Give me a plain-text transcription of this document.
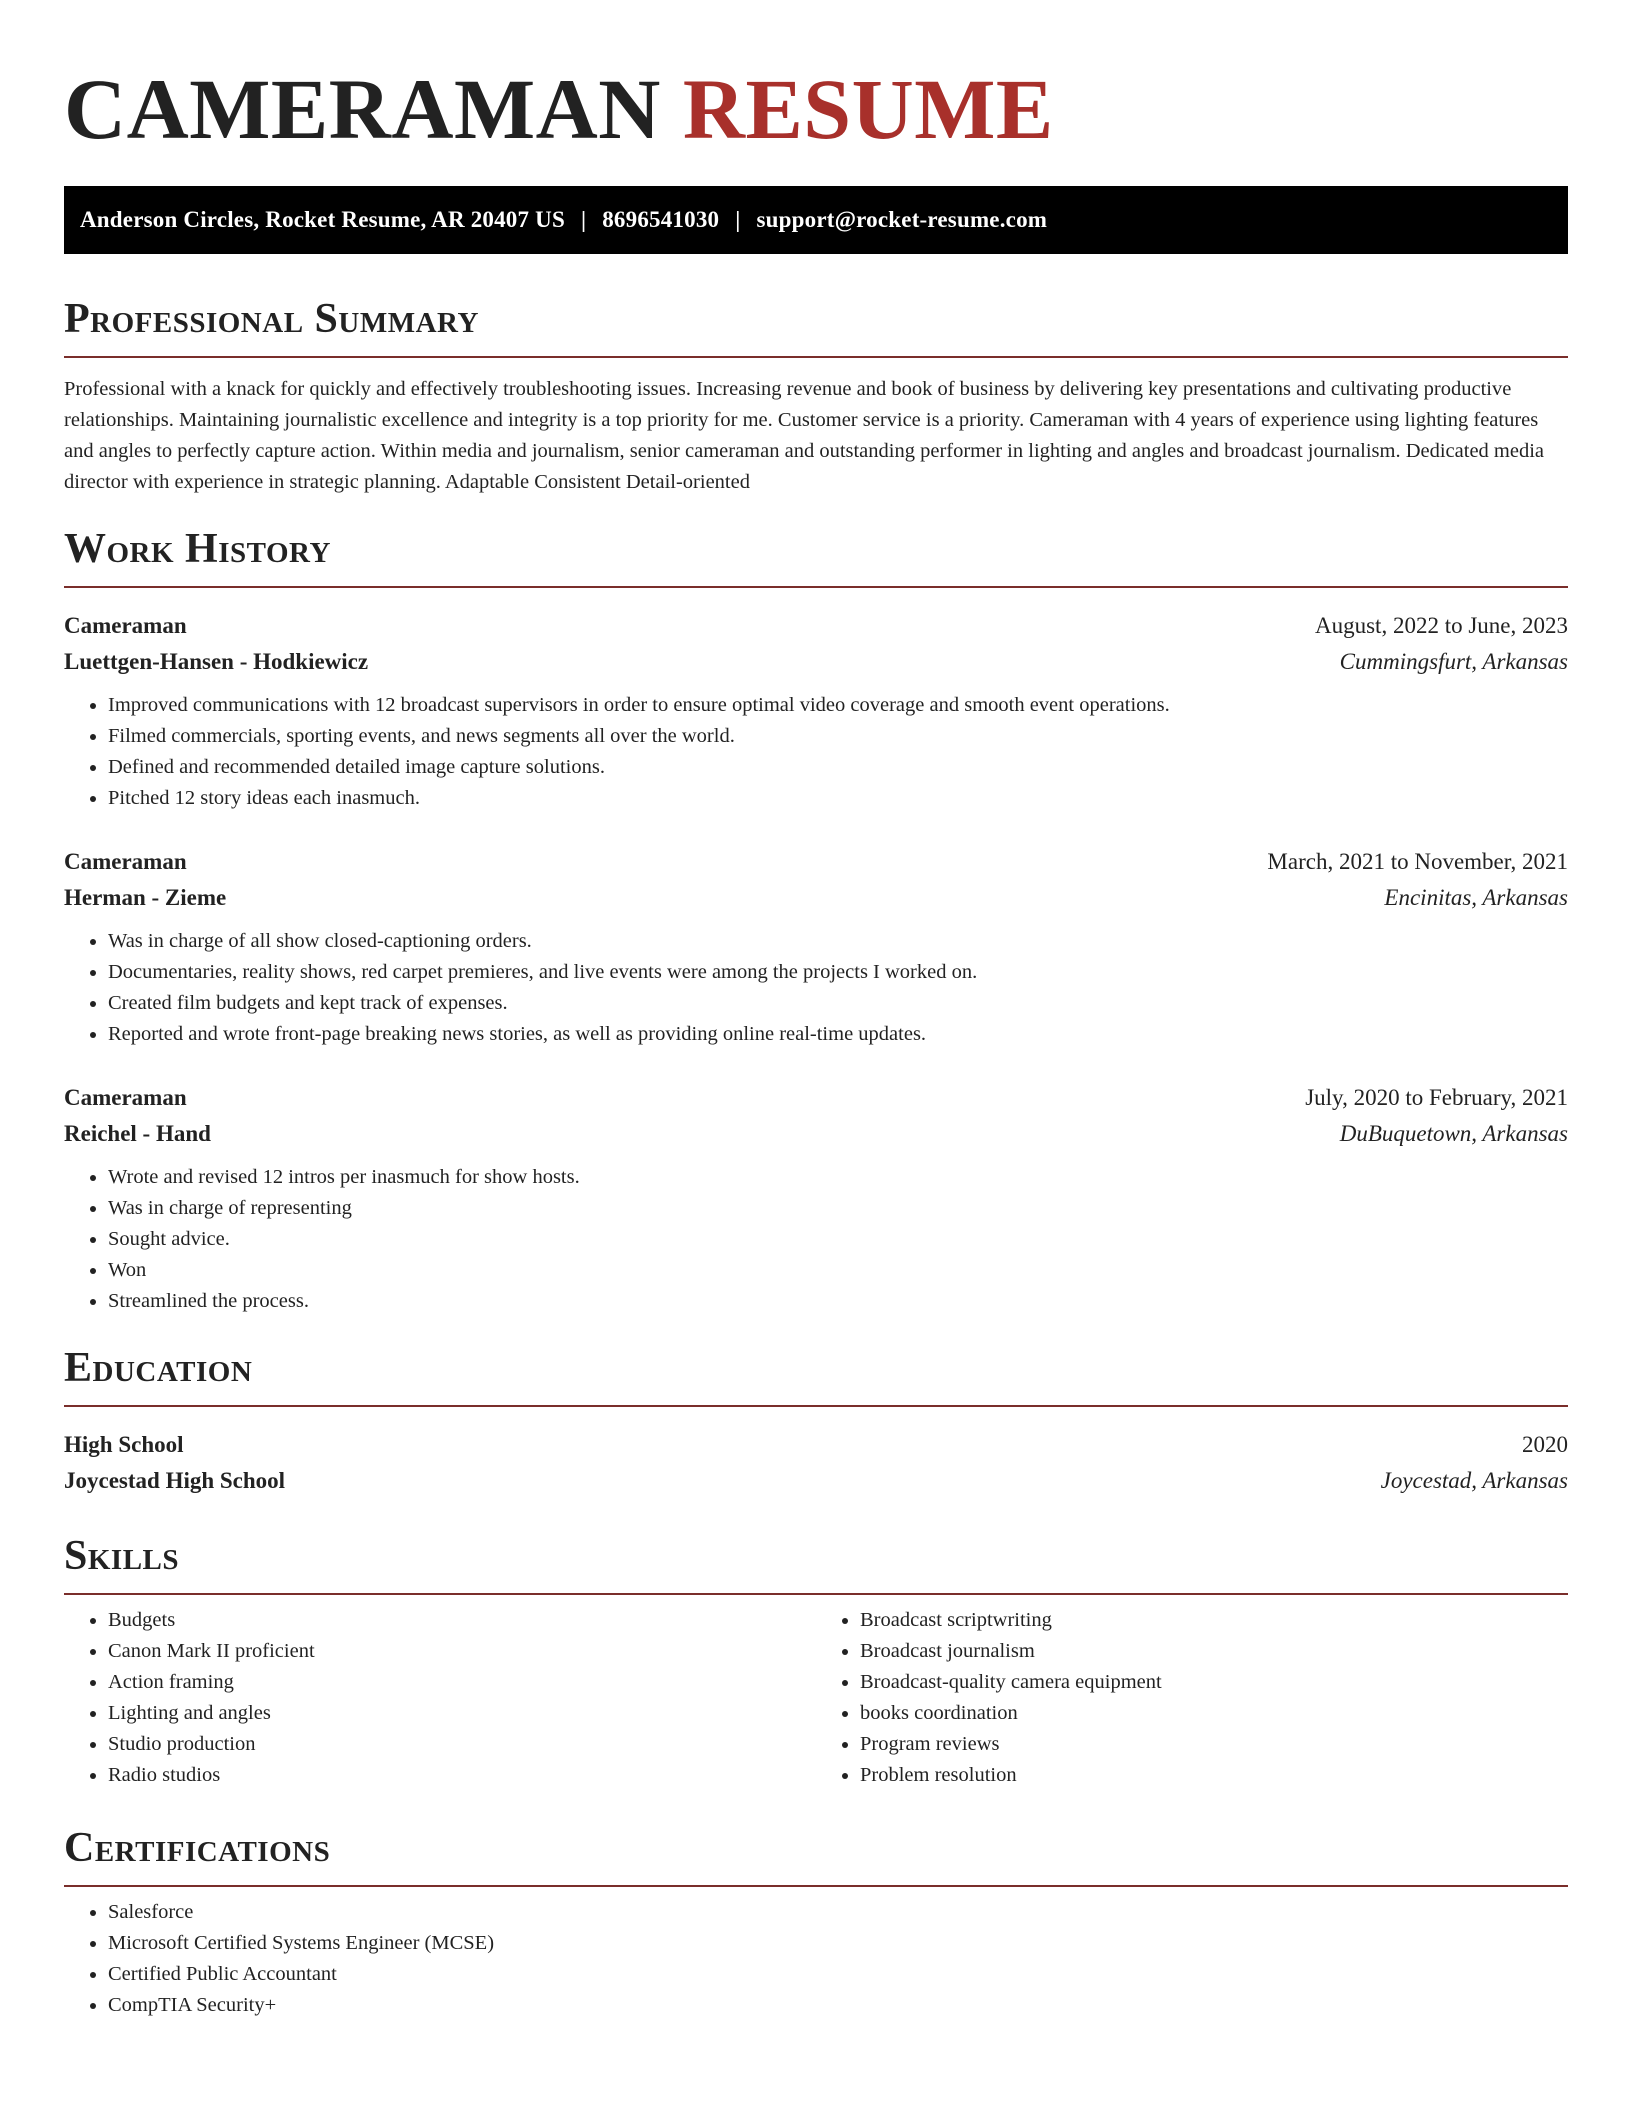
CAMERAMAN RESUME
Anderson Circles, Rocket Resume, AR 20407 US | 8696541030 | support@rocket-resume.com
Professional Summary

Professional with a knack for quickly and effectively troubleshooting issues. Increasing revenue and book of business by delivering key presentations and cultivating productive relationships. Maintaining journalistic excellence and integrity is a top priority for me. Customer service is a priority. Cameraman with 4 years of experience using lighting features and angles to perfectly capture action. Within media and journalism, senior cameraman and outstanding performer in lighting and angles and broadcast journalism. Dedicated media director with experience in strategic planning. Adaptable Consistent Detail-oriented

Work History
Cameraman	August, 2022 to June, 2023
Luettgen-Hansen - Hodkiewicz	Cummingsfurt, Arkansas
• Improved communications with 12 broadcast supervisors in order to ensure optimal video coverage and smooth event operations.
• Filmed commercials, sporting events, and news segments all over the world.
• Defined and recommended detailed image capture solutions.
• Pitched 12 story ideas each inasmuch.
Cameraman	March, 2021 to November, 2021
Herman - Zieme	Encinitas, Arkansas
• Was in charge of all show closed-captioning orders.
• Documentaries, reality shows, red carpet premieres, and live events were among the projects I worked on.
• Created film budgets and kept track of expenses.
• Reported and wrote front-page breaking news stories, as well as providing online real-time updates.
Cameraman	July, 2020 to February, 2021
Reichel - Hand	DuBuquetown, Arkansas
• Wrote and revised 12 intros per inasmuch for show hosts.
• Was in charge of representing
• Sought advice.
• Won
• Streamlined the process.
Education
High School	2020
Joycestad High School	Joycestad, Arkansas
Skills
• Budgets
• Canon Mark II proficient
• Action framing
• Lighting and angles
• Studio production
• Radio studios
• Broadcast scriptwriting
• Broadcast journalism
• Broadcast-quality camera equipment
• books coordination
• Program reviews
• Problem resolution
Certifications
• Salesforce
• Microsoft Certified Systems Engineer (MCSE)
• Certified Public Accountant
• CompTIA Security+
